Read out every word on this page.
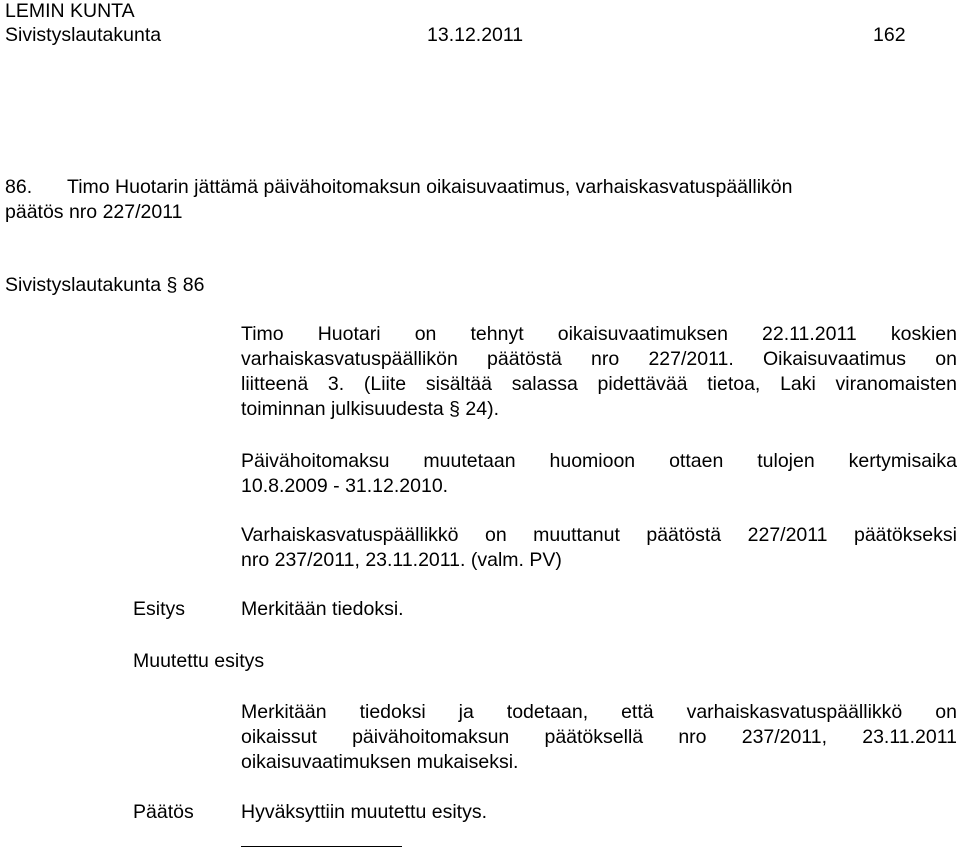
LEMIN KUNTA
Sivistyslautakunta	13.12.2011	162
86. Timo Huotarin jättämä päivähoitomaksun oikaisuvaatimus, varhaiskasvatuspäällikön
päätös nro 227/2011
Sivistyslautakunta § 86
Timo Huotari on tehnyt oikaisuvaatimuksen 22.11.2011 koskien
varhaiskasvatuspäällikön päätöstä nro 227/2011. Oikaisuvaatimus on
liitteenä 3. (Liite sisältää salassa pidettävää tietoa, Laki viranomaisten
toiminnan julkisuudesta § 24).
Päivähoitomaksu muutetaan huomioon ottaen tulojen kertymisaika
10.8.2009 - 31.12.2010.
Varhaiskasvatuspäällikkö on muuttanut päätöstä 227/2011 päätökseksi
nro 237/2011, 23.11.2011. (valm. PV)
Esitys	Merkitään tiedoksi.
Muutettu esitys
Merkitään tiedoksi ja todetaan, että varhaiskasvatuspäällikkö on
oikaissut päivähoitomaksun päätöksellä nro 237/2011, 23.11.2011
oikaisuvaatimuksen mukaiseksi.
Päätös Hyväksyttiin muutettu esitys.
